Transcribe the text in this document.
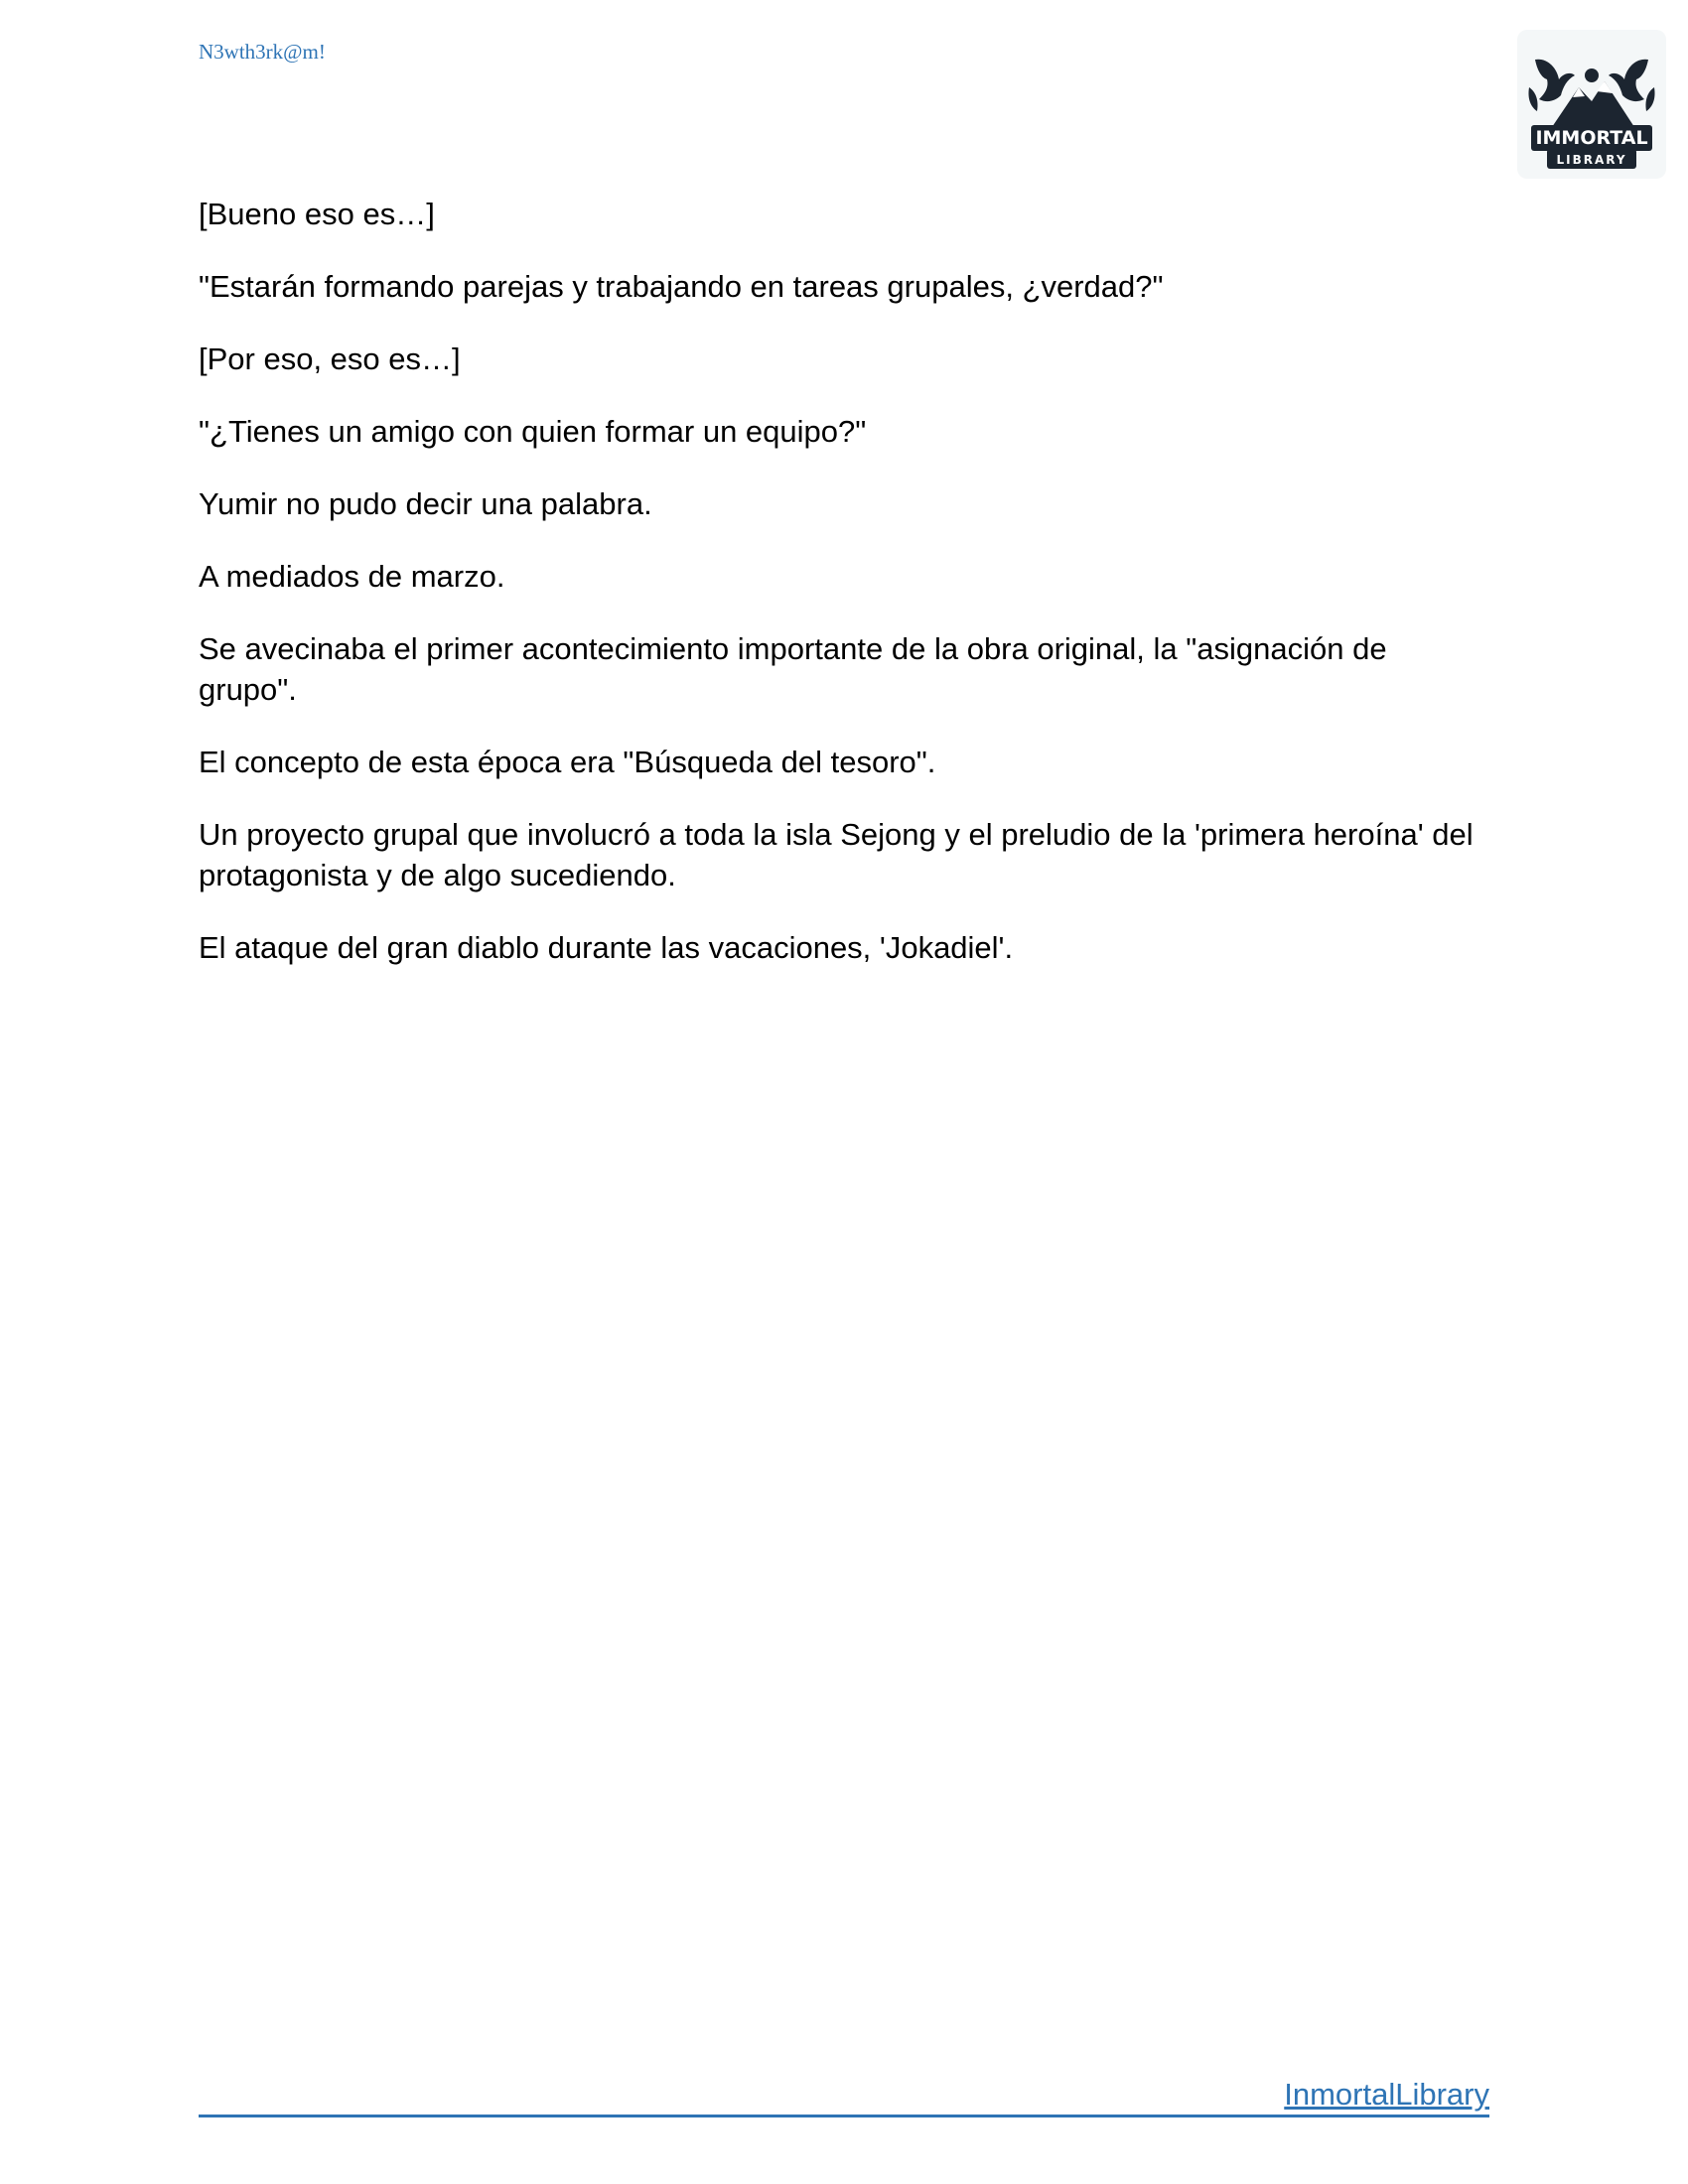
N3wth3rk@m!
IMMORTAL
LIBRARY

[Bueno eso es…]

"Estarán formando parejas y trabajando en tareas grupales, ¿verdad?"

[Por eso, eso es…]

"¿Tienes un amigo con quien formar un equipo?"

Yumir no pudo decir una palabra.

A mediados de marzo.

Se avecinaba el primer acontecimiento importante de la obra original, la "asignación de grupo".

El concepto de esta época era "Búsqueda del tesoro".

Un proyecto grupal que involucró a toda la isla Sejong y el preludio de la 'primera heroína' del protagonista y de algo sucediendo.

El ataque del gran diablo durante las vacaciones, 'Jokadiel'.

InmortalLibrary
